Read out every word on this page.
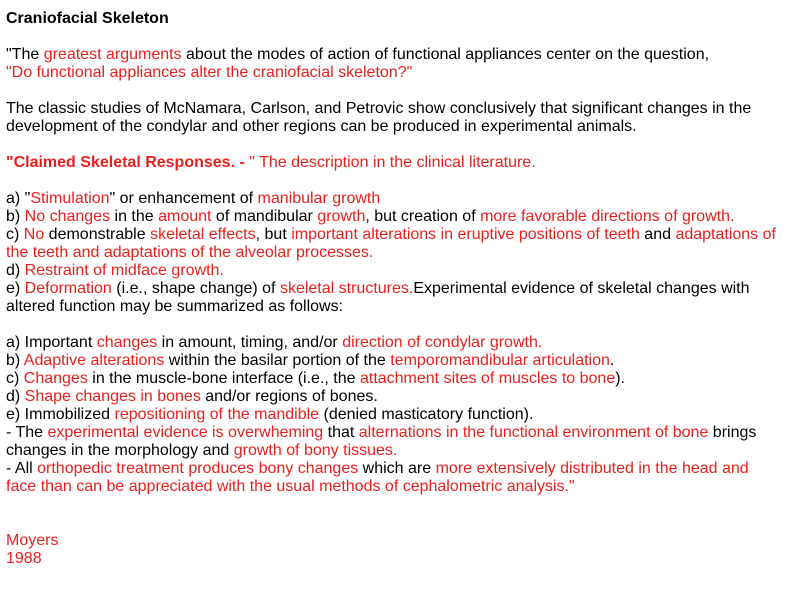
Craniofacial Skeleton

"The greatest arguments about the modes of action of functional appliances center on the question,
"Do functional appliances alter the craniofacial skeleton?"

The classic studies of McNamara, Carlson, and Petrovic show conclusively that significant changes in the development of the condylar and other regions can be produced in experimental animals.

"Claimed Skeletal Responses. - " The description in the clinical literature.

a) "Stimulation" or enhancement of manibular growth

b) No changes in the amount of mandibular growth, but creation of more favorable directions of growth.

c) No demonstrable skeletal effects, but important alterations in eruptive positions of teeth and adaptations of the teeth and adaptations of the alveolar processes.

d) Restraint of midface growth.

e) Deformation (i.e., shape change) of skeletal structures.Experimental evidence of skeletal changes with altered function may be summarized as follows:

a) Important changes in amount, timing, and/or direction of condylar growth.

b) Adaptive alterations within the basilar portion of the temporomandibular articulation.

c) Changes in the muscle-bone interface (i.e., the attachment sites of muscles to bone).

d) Shape changes in bones and/or regions of bones.

e) Immobilized repositioning of the mandible (denied masticatory function).

- The experimental evidence is overwheming that alternations in the functional environment of bone brings changes in the morphology and growth of bony tissues.

- All orthopedic treatment produces bony changes which are more extensively distributed in the head and face than can be appreciated with the usual methods of cephalometric analysis."

Moyers

1988
